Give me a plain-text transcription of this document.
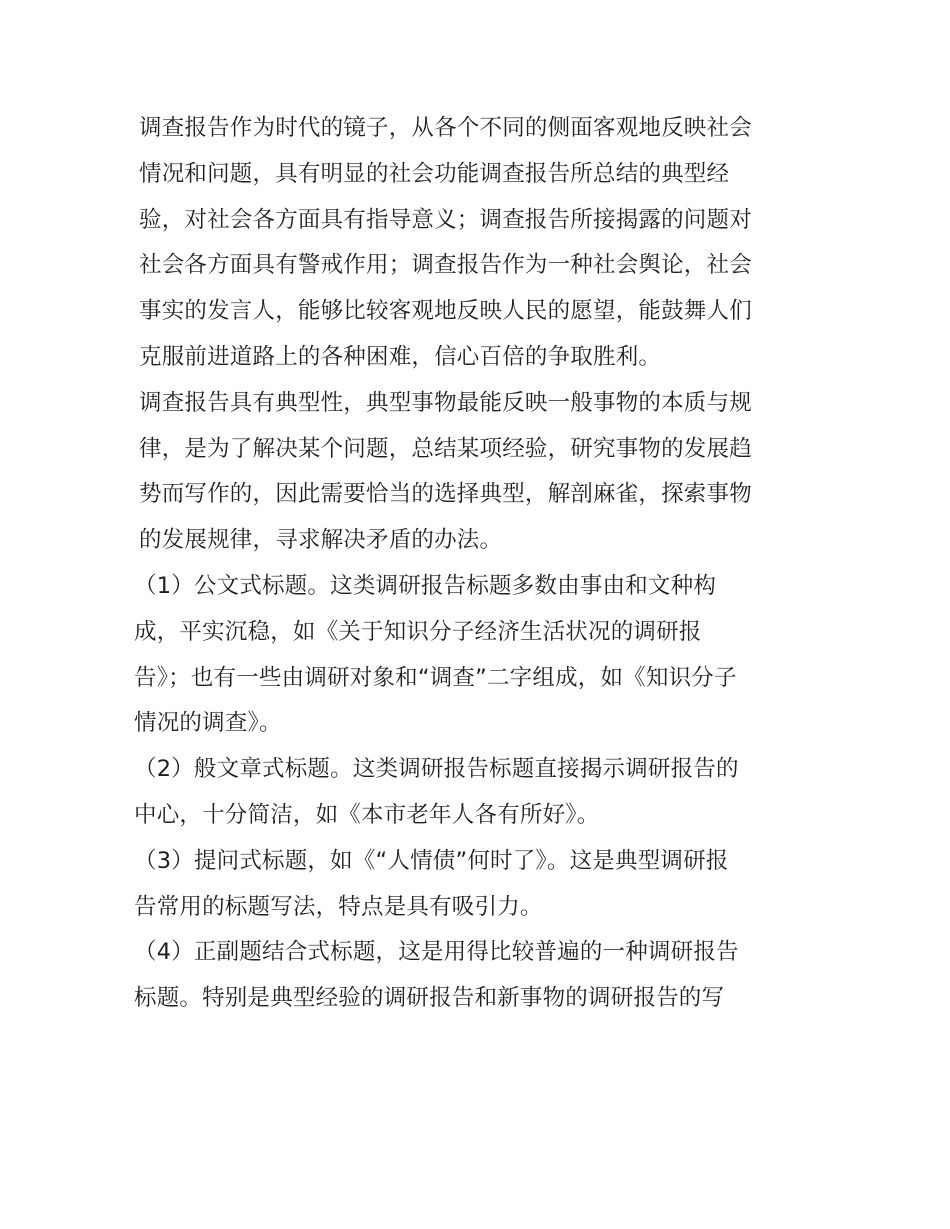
调查报告作为时代的镜子，从各个不同的侧面客观地反映社会
情况和问题，具有明显的社会功能调查报告所总结的典型经
验，对社会各方面具有指导意义；调查报告所接揭露的问题对
社会各方面具有警戒作用；调查报告作为一种社会舆论，社会
事实的发言人，能够比较客观地反映人民的愿望，能鼓舞人们
克服前进道路上的各种困难，信心百倍的争取胜利。

调查报告具有典型性，典型事物最能反映一般事物的本质与规
律，是为了解决某个问题，总结某项经验，研究事物的发展趋
势而写作的，因此需要恰当的选择典型，解剖麻雀，探索事物
的发展规律，寻求解决矛盾的办法。

（1）公文式标题。这类调研报告标题多数由事由和文种构
成，平实沉稳，如《关于知识分子经济生活状况的调研报
告》；也有一些由调研对象和“调查”二字组成，如《知识分子
情况的调查》。

（2）般文章式标题。这类调研报告标题直接揭示调研报告的
中心，十分简洁，如《本市老年人各有所好》。

（3）提问式标题，如《“人情债”何时了》。这是典型调研报
告常用的标题写法，特点是具有吸引力。

（4）正副题结合式标题，这是用得比较普遍的一种调研报告
标题。特别是典型经验的调研报告和新事物的调研报告的写
